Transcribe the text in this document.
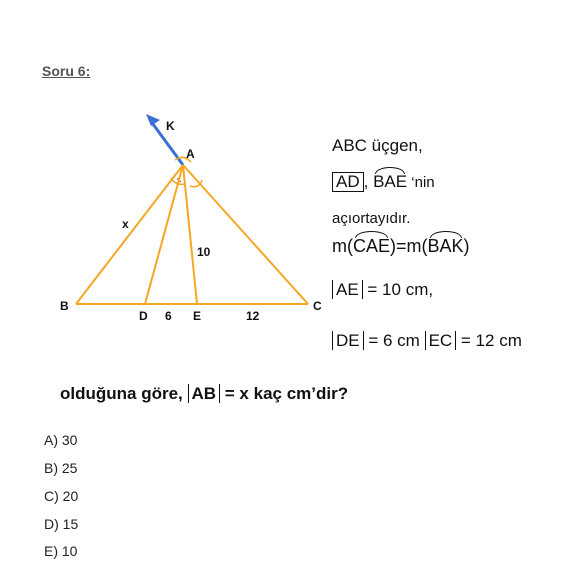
Soru 6:
·.
K
A
B	C
D	E
x
10
6	12
ABC üçgen,
AD , BAE ‘nin
açıortayıdır.
m(CAE)=m(BAK)
AE = 10 cm,
DE = 6 cm EC = 12 cm
olduğuna göre, AB = x kaç cm’dir?
A) 30
B) 25
C) 20
D) 15
E) 10
